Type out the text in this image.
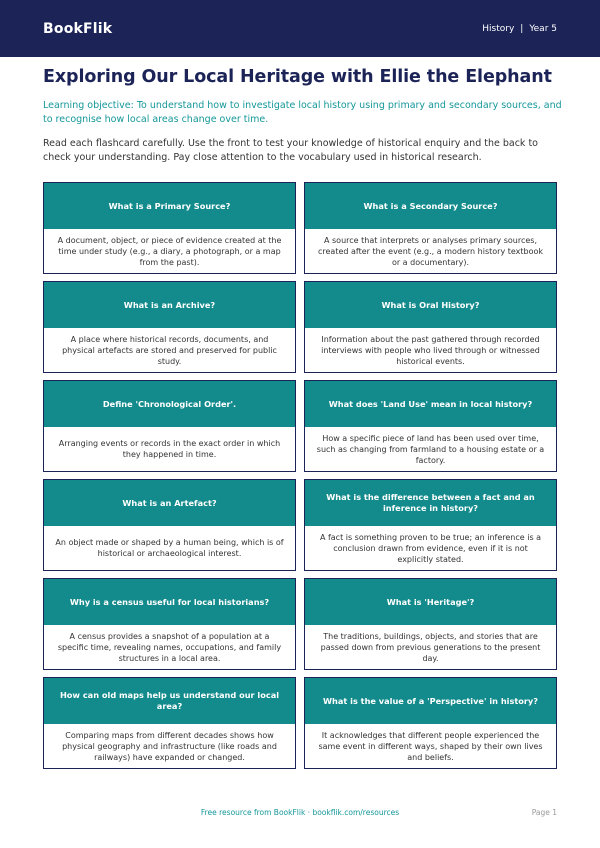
BookFlik	History | Year 5
Exploring Our Local Heritage with Ellie the Elephant

Learning objective: To understand how to investigate local history using primary and secondary sources, and to recognise how local areas change over time.

Read each flashcard carefully. Use the front to test your knowledge of historical enquiry and the back to check your understanding. Pay close attention to the vocabulary used in historical research.

What is a Primary Source?
A document, object, or piece of evidence created at the time under study (e.g., a diary, a photograph, or a map from the past).
What is a Secondary Source?
A source that interprets or analyses primary sources, created after the event (e.g., a modern history textbook or a documentary).
What is an Archive?
A place where historical records, documents, and physical artefacts are stored and preserved for public study.
What is Oral History?
Information about the past gathered through recorded interviews with people who lived through or witnessed historical events.
Define 'Chronological Order'.
Arranging events or records in the exact order in which they happened in time.
What does 'Land Use' mean in local history?
How a specific piece of land has been used over time, such as changing from farmland to a housing estate or a factory.
What is an Artefact?
An object made or shaped by a human being, which is of historical or archaeological interest.
What is the difference between a fact and an inference in history?
A fact is something proven to be true; an inference is a conclusion drawn from evidence, even if it is not explicitly stated.
Why is a census useful for local historians?
A census provides a snapshot of a population at a specific time, revealing names, occupations, and family structures in a local area.
What is 'Heritage'?
The traditions, buildings, objects, and stories that are passed down from previous generations to the present day.
How can old maps help us understand our local area?
Comparing maps from different decades shows how physical geography and infrastructure (like roads and railways) have expanded or changed.
What is the value of a 'Perspective' in history?
It acknowledges that different people experienced the same event in different ways, shaped by their own lives and beliefs.
Free resource from BookFlik · bookflik.com/resources	Page 1
